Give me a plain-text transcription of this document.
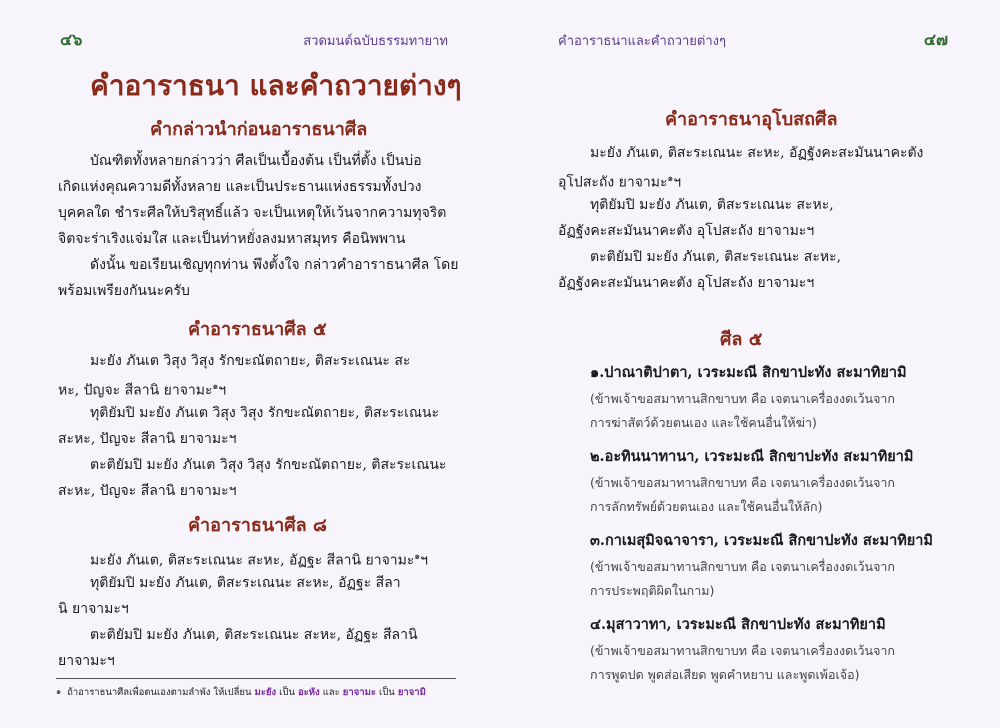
๔๖	สวดมนต์ฉบับธรรมทายาท
คำอาราธนา และคำถวายต่างๆ
คำกล่าวนำก่อนอาราธนาศีล
บัณฑิตทั้งหลายกล่าวว่า ศีลเป็นเบื้องต้น เป็นที่ตั้ง เป็นบ่อ
เกิดแห่งคุณความดีทั้งหลาย และเป็นประธานแห่งธรรมทั้งปวง
บุคคลใด ชำระศีลให้บริสุทธิ์แล้ว จะเป็นเหตุให้เว้นจากความทุจริต
จิตจะร่าเริงแจ่มใส และเป็นท่าหยั่งลงมหาสมุทร คือนิพพาน
ดังนั้น ขอเรียนเชิญทุกท่าน พึงตั้งใจ กล่าวคำอาราธนาศีล โดย
พร้อมเพรียงกันนะครับ
คำอาราธนาศีล ๕
มะยัง ภันเต วิสุง วิสุง รักขะณัตถายะ, ติสะระเณนะ สะ
หะ, ปัญจะ สีลานิ ยาจามะ$^๑$ฯ
ทุติยัมปิ มะยัง ภันเต วิสุง วิสุง รักขะณัตถายะ, ติสะระเณนะ
สะหะ, ปัญจะ สีลานิ ยาจามะฯ
ตะติยัมปิ มะยัง ภันเต วิสุง วิสุง รักขะณัตถายะ, ติสะระเณนะ
สะหะ, ปัญจะ สีลานิ ยาจามะฯ
คำอาราธนาศีล ๘
มะยัง ภันเต, ติสะระเณนะ สะหะ, อัฏฐะ สีลานิ ยาจามะ$^๑$ฯ
ทุติยัมปิ มะยัง ภันเต, ติสะระเณนะ สะหะ, อัฏฐะ สีลา
นิ ยาจามะฯ
ตะติยัมปิ มะยัง ภันเต, ติสะระเณนะ สะหะ, อัฏฐะ สีลานิ
ยาจามะฯ
$^๑$ ถ้าอาราธนาศีลเพื่อตนเองตามลำพัง ให้เปลี่ยน มะยัง เป็น อะหัง และ ยาจามะ เป็น ยาจามิ
คำอาราธนาและคำถวายต่างๆ	๔๗
คำอาราธนาอุโบสถศีล
มะยัง ภันเต, ติสะระเณนะ สะหะ, อัฏฐังคะสะมันนาคะตัง
อุโปสะถัง ยาจามะ$^๑$ฯ
ทุติยัมปิ มะยัง ภันเต, ติสะระเณนะ สะหะ,
อัฏฐังคะสะมันนาคะตัง อุโปสะถัง ยาจามะฯ
ตะติยัมปิ มะยัง ภันเต, ติสะระเณนะ สะหะ,
อัฏฐังคะสะมันนาคะตัง อุโปสะถัง ยาจามะฯ
ศีล ๕
๑.ปาณาติปาตา, เวระมะณี สิกขาปะทัง สะมาทิยามิ
(ข้าพเจ้าขอสมาทานสิกขาบท คือ เจตนาเครื่องงดเว้นจาก
การฆ่าสัตว์ด้วยตนเอง และใช้คนอื่นให้ฆ่า)
๒.อะทินนาทานา, เวระมะณี สิกขาปะทัง สะมาทิยามิ
(ข้าพเจ้าขอสมาทานสิกขาบท คือ เจตนาเครื่องงดเว้นจาก
การลักทรัพย์ด้วยตนเอง และใช้คนอื่นให้ลัก)
๓.กาเมสุมิจฉาจารา, เวระมะณี สิกขาปะทัง สะมาทิยามิ
(ข้าพเจ้าขอสมาทานสิกขาบท คือ เจตนาเครื่องงดเว้นจาก
การประพฤติผิดในกาม)
๔.มุสาวาทา, เวระมะณี สิกขาปะทัง สะมาทิยามิ
(ข้าพเจ้าขอสมาทานสิกขาบท คือ เจตนาเครื่องงดเว้นจาก
การพูดปด พูดส่อเสียด พูดคำหยาบ และพูดเพ้อเจ้อ)
